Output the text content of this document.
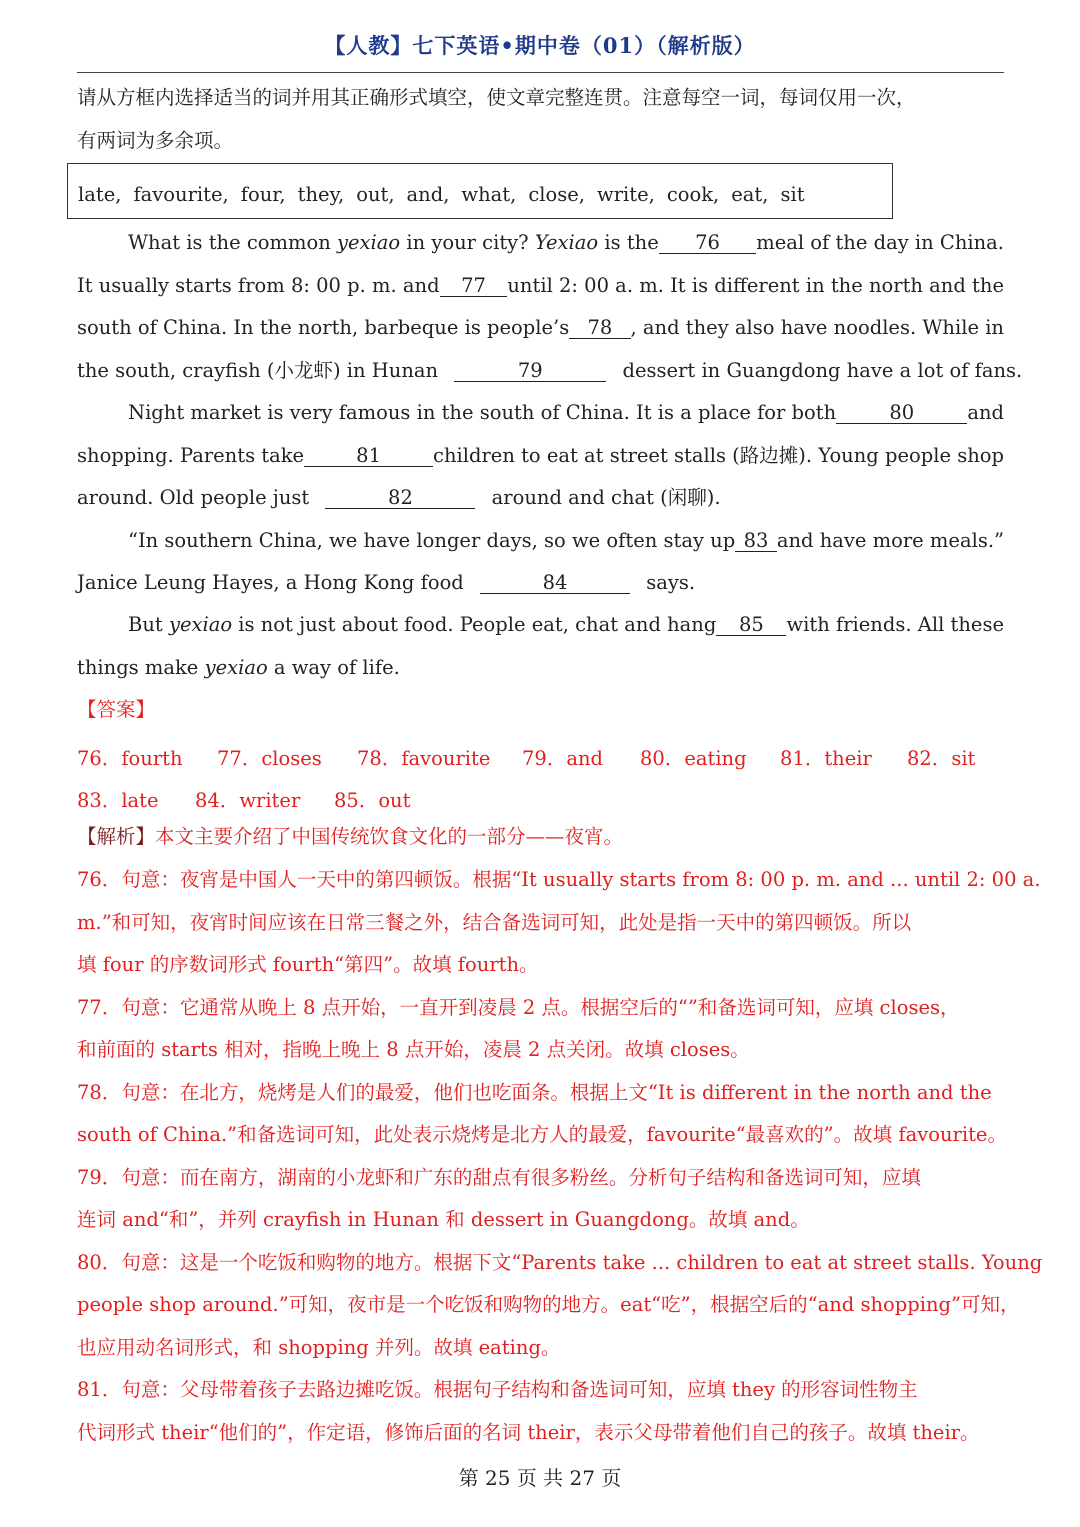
【人教】七下英语•期中卷（01）（解析版）
请从方框内选择适当的词并用其正确形式填空，使文章完整连贯。注意每空一词，每词仅用一次，
有两词为多余项。
late, favourite, four, they, out, and, what, close, write, cook, eat, sit
What is the common yexiao in your city? Yexiao is the	76	meal of the day in China.
It usually starts from 8: 00 p. m. and	77	until 2: 00 a. m. It is different in the north and the
south of China. In the north, barbeque is people’s 78 , and they also have noodles. While in
the south, crayfish (小龙虾) in Hunan	79	dessert in Guangdong have a lot of fans.
Night market is very famous in the south of China. It is a place for both	80	and
shopping. Parents take	81	children to eat at street stalls (路边摊). Young people shop
around. Old people just	82	around and chat (闲聊).
“In southern China, we have longer days, so we often stay up 83 and have more meals.”
Janice Leung Hayes, a Hong Kong food	84	says.
But yexiao is not just about food. People eat, chat and hang	85	with friends. All these
things make yexiao a way of life.
【答案】
76．fourth 77．closes 78．favourite 79．and 80．eating 81．their 82．sit
83．late 84．writer 85．out
【解析】本文主要介绍了中国传统饮食文化的一部分——夜宵。
76．句意：夜宵是中国人一天中的第四顿饭。根据“It usually starts from 8: 00 p. m. and ... until 2: 00 a.
m.”和可知，夜宵时间应该在日常三餐之外，结合备选词可知，此处是指一天中的第四顿饭。所以
填 four 的序数词形式 fourth“第四”。故填 fourth。
77．句意：它通常从晚上 8 点开始，一直开到凌晨 2 点。根据空后的“”和备选词可知，应填 closes，
和前面的 starts 相对，指晚上晚上 8 点开始，凌晨 2 点关闭。故填 closes。
78．句意：在北方，烧烤是人们的最爱，他们也吃面条。根据上文“It is different in the north and the
south of China.”和备选词可知，此处表示烧烤是北方人的最爱，favourite“最喜欢的”。故填 favourite。
79．句意：而在南方，湖南的小龙虾和广东的甜点有很多粉丝。分析句子结构和备选词可知，应填
连词 and“和”，并列 crayfish in Hunan 和 dessert in Guangdong。故填 and。
80．句意：这是一个吃饭和购物的地方。根据下文“Parents take ... children to eat at street stalls. Young
people shop around.”可知，夜市是一个吃饭和购物的地方。eat“吃”，根据空后的“and shopping”可知，
也应用动名词形式，和 shopping 并列。故填 eating。
81．句意：父母带着孩子去路边摊吃饭。根据句子结构和备选词可知，应填 they 的形容词性物主
代词形式 their“他们的”，作定语，修饰后面的名词 their，表示父母带着他们自己的孩子。故填 their。
第 25 页 共 27 页
